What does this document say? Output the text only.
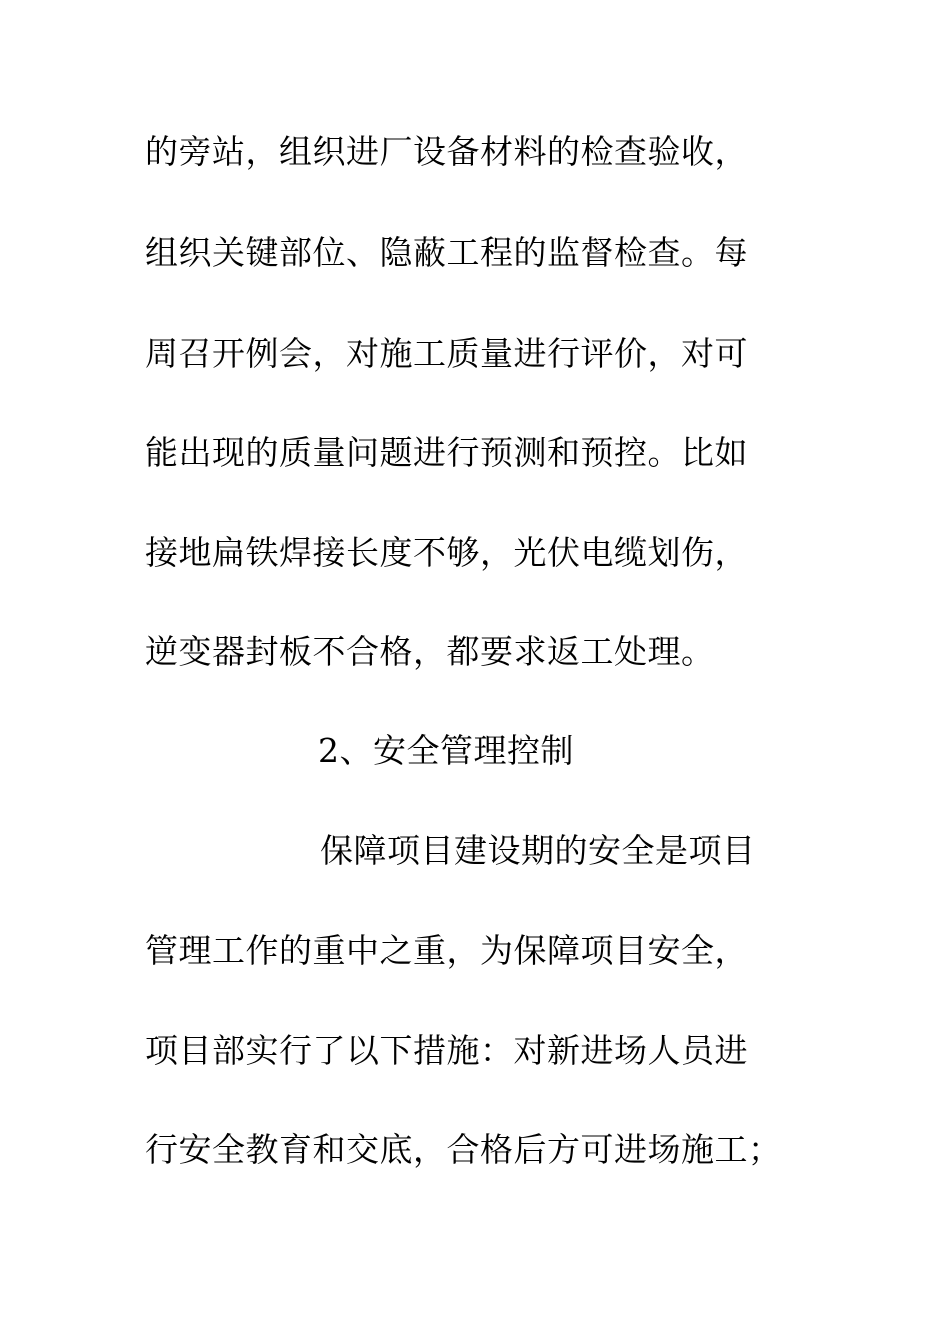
的旁站，组织进厂设备材料的检查验收，
组织关键部位、隐蔽工程的监督检查。每
周召开例会，对施工质量进行评价，对可
能出现的质量问题进行预测和预控。比如
接地扁铁焊接长度不够，光伏电缆划伤，
逆变器封板不合格，都要求返工处理。
2、安全管理控制
保障项目建设期的安全是项目
管理工作的重中之重，为保障项目安全，
项目部实行了以下措施：对新进场人员进
行安全教育和交底，合格后方可进场施工；
